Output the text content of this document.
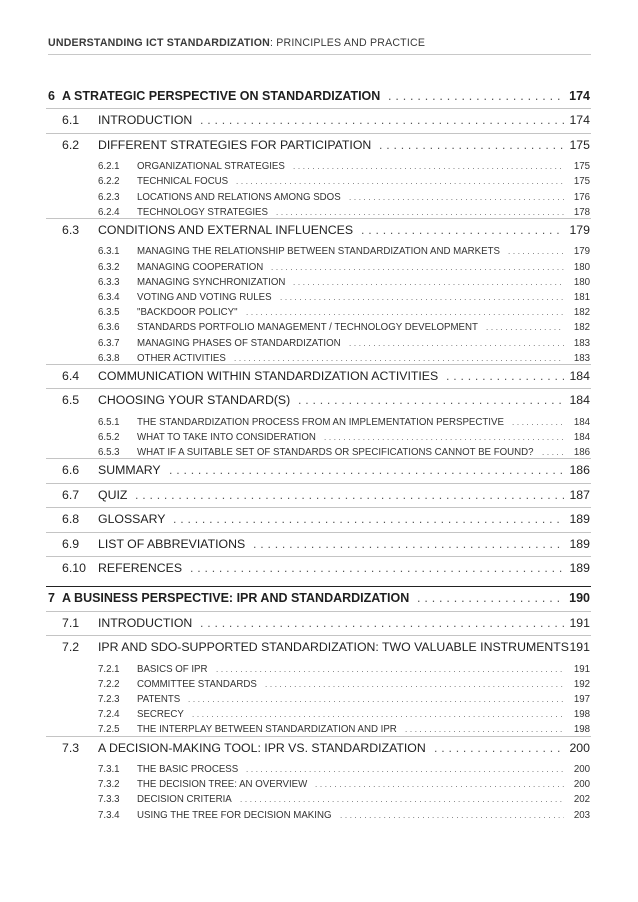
UNDERSTANDING ICT STANDARDIZATION: PRINCIPLES AND PRACTICE
6 A STRATEGIC PERSPECTIVE ON STANDARDIZATION . . .	174
6.1 INTRODUCTION . . .	174
6.2 DIFFERENT STRATEGIES FOR PARTICIPATION . . .	175
6.2.1 ORGANIZATIONAL STRATEGIES . . .	175
6.2.2 TECHNICAL FOCUS . . .	175
6.2.3 LOCATIONS AND RELATIONS AMONG SDOS . . .	176
6.2.4 TECHNOLOGY STRATEGIES . . .	178
6.3 CONDITIONS AND EXTERNAL INFLUENCES . . .	179
6.3.1 MANAGING THE RELATIONSHIP BETWEEN STANDARDIZATION AND MARKETS . . .	179
6.3.2 MANAGING COOPERATION . . .	180
6.3.3 MANAGING SYNCHRONIZATION . . .	180
6.3.4 VOTING AND VOTING RULES . . .	181
6.3.5 "BACKDOOR POLICY" . . .	182
6.3.6 STANDARDS PORTFOLIO MANAGEMENT / TECHNOLOGY DEVELOPMENT . . .	182
6.3.7 MANAGING PHASES OF STANDARDIZATION . . .	183
6.3.8 OTHER ACTIVITIES . . .	183
6.4 COMMUNICATION WITHIN STANDARDIZATION ACTIVITIES . . .	184
6.5 CHOOSING YOUR STANDARD(S) . . .	184
6.5.1 THE STANDARDIZATION PROCESS FROM AN IMPLEMENTATION PERSPECTIVE . . .	184
6.5.2 WHAT TO TAKE INTO CONSIDERATION . . .	184
6.5.3 WHAT IF A SUITABLE SET OF STANDARDS OR SPECIFICATIONS CANNOT BE FOUND? . . .	186
6.6 SUMMARY . . .	186
6.7 QUIZ . . .	187
6.8 GLOSSARY . . .	189
6.9 LIST OF ABBREVIATIONS . . .	189
6.10 REFERENCES . . .	189
7 A BUSINESS PERSPECTIVE: IPR AND STANDARDIZATION . . .	190
7.1 INTRODUCTION . . .	191
7.2 IPR AND SDO-SUPPORTED STANDARDIZATION: TWO VALUABLE INSTRUMENTS 191
7.2.1 BASICS OF IPR . . .	191
7.2.2 COMMITTEE STANDARDS . . .	192
7.2.3 PATENTS . . .	197
7.2.4 SECRECY . . .	198
7.2.5 THE INTERPLAY BETWEEN STANDARDIZATION AND IPR . . .	198
7.3 A DECISION-MAKING TOOL: IPR VS. STANDARDIZATION . . .	200
7.3.1 THE BASIC PROCESS . . .	200
7.3.2 THE DECISION TREE: AN OVERVIEW . . .	200
7.3.3 DECISION CRITERIA . . .	202
7.3.4 USING THE TREE FOR DECISION MAKING . . .	203
